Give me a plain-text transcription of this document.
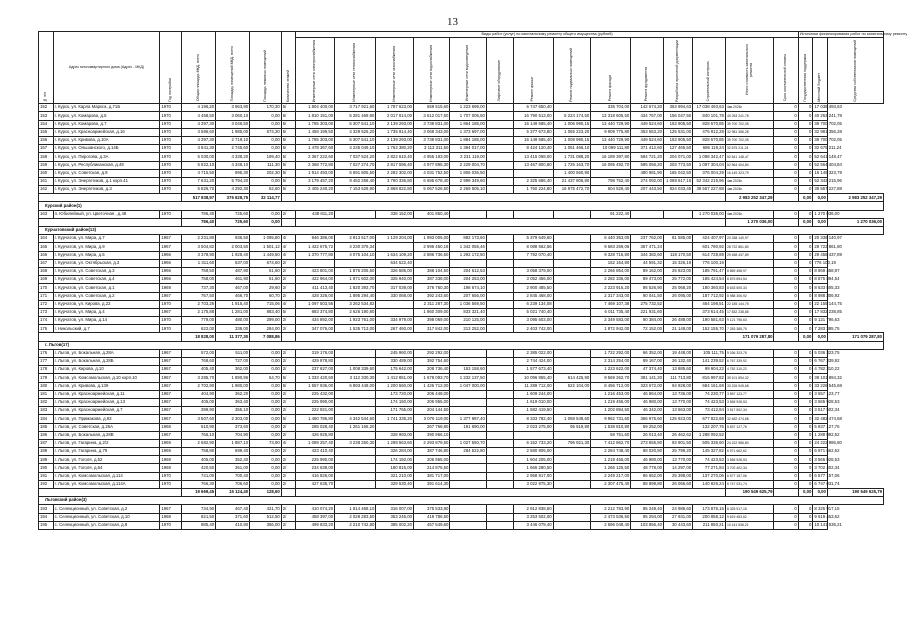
13
№ п/п	Адрес многоквартирного дома (Адрес - МКД)	Год постройки	Общая площадь МКД, всего	Площадь помещений МКД, всего	Площадь нежилых помещений	Количество этажей	Виды работ (услуг) по капитальному ремонту общего имущества (рублей)														Источники финансирования работ по капитальному ремонту		
							Инженерные сети электроснабжения	Инженерные сети теплоснабжения	Инженерные сети газоснабжения	Инженерные сети водоснабжения	Инженерные сети водоотведения	Лифтовое оборудование	Ремонт крыши	Ремонт подвальных помещений	Ремонт фасада	Ремонт фундамента	Разработка проектной документации	Строительный контроль	Итого стоимость капитального ремонта	Срок окончательной оплаты	Государственная поддержка	Местный бюджет	Средства собственников помещений
152	г. Курск, ул. Карла Маркса, д.71Б	1970	4 196,20	3 963,90	170,30	5/	1 804 400,00	3 717 921,60	1 787 623,00	659 515,60	1 223 699,00		6 747 650,40		335 704,00	142 674,20	353 994,63	17 038 493,63	4кв.2026г.	0	0	17 038 493,63	
153	г. Курск, ул. Комарова, д.5	1970	4 458,50	3 060,10	0,00	5/	1 810 151,00	5 281 469,90	2 017 814,00	3 612 017,50	1 707 005,50		16 790 513,00	5 224 174,50	13 318 605,50	434 767,00	156 047,50	840 101,78	40 253 241,78	0	0	40 253 241,78	
154	г. Курск, ул. Комарова, д.7	1970	4 397,30	3 046,50	0,00	5/	1 785 303,00	5 307 541,10	2 139 293,00	3 739 831,00	1 864 185,00		15 149 585,40	1 006 990,15	13 440 729,90	449 524,60	153 905,50	828 570,85	39 700 702,05	0	0	39 700 702,05	
155	г. Курск, ул. Красноармейская, д.16	1970	3 586,60	1 985,00	674,30	5/	1 458 199,50	4 329 526,20	1 735 914,40	3 068 343,00	1 373 697,00		5 377 673,80	1 065 223,20	9 909 775,80	353 553,20	125 531,00	475 912,28	32 981 356,28	0	0	32 981 356,28	
156	г. Курск, ул. Кривова, д.10А	1970	4 397,30	2 719,10	0,00	5/	1 785 303,00	5 307 541,10	2 139 293,00	3 739 831,00	1 884 185,00		15 149 585,40	1 008 990,15	13 440 729,90	449 524,60	153 905,50	828 570,85	39 700 702,05	0	0	39 700 702,05	
157	г. Курск, ул. Ольшанского, д.14Б	1970	3 841,30	2 745,60	0,00	5/	1 478 367,60	4 235 049,10	1 762 380,20	3 113 311,50	1 394 017,00		8 424 120,40	1 051 466,10	10 099 111,80	371 412,60	127 465,50	686 119,24	32 675 211,24	0	0	32 675 211,24	
158	г. Курск, ул. Пирогова, д.3А	1970	5 030,00	4 338,20	199,40	5/	2 367 222,60	7 037 524,20	2 822 610,40	4 955 183,00	2 231 119,00		13 415 068,00	1 731 088,20	16 189 397,80	594 721,20	204 071,00	1 098 342,47	52 641 148,47	0	0	52 641 148,47	
159	г. Курск, ул. Республиканская, д.48	1970	5 822,10	4 348,10	111,30	5/	2 368 772,80	7 027 274,70	2 817 596,40	4 977 895,30	2 229 004,70		13 467 800,80	1 725 163,70	16 095 492,70	595 056,20	203 773,50	1 097 304,04	52 564 404,84	0	0	52 564 404,84	
160	г. Курск, ул. Советская, д.9	1970	4 715,50	995,30	202,30	5/	1 914 493,00	5 691 805,50	2 282 302,00	4 031 752,50	1 806 036,50			1 400 560,90		480 981,90	165 042,50	376 004,29	16 149 323,79	0	0	16 149 323,79	
161	г. Курск, ул. Энергетиков, д.1 корп.41	1970	7 631,20	5 794,20	0,00	5/	3 179 457,20	9 452 258,40	3 790 336,80	6 695 678,40	2 999 349,60		2 325 686,40	21 437 806,80	798 752,40	274 092,00	1 088 617,16	52 342 215,96	4кв.2026г.	0	0	52 342 215,96	
162	г. Курск, ул. Энергетиков, д.3	1970	5 826,70	4 292,30	52,60	5/	2 405 240,20	7 153 528,90	2 868 822,80	5 067 526,50	2 269 505,10		1 760 224,80	16 975 472,70	604 529,40	207 443,50	824 033,45	39 557 227,88	4кв.2026г.	0	0	39 557 227,88	
			517 838,97	376 628,75	32 114,77														2 983 252 347,29		0,00	0,00	2 983 252 347,29
Курский район(1)																							
163	п. Юбилейный, ул. Цветочная , д.48	1970	786,40	725,60	0,00	2/	438 811,20		338 152,00	401 850,40					91 222,40			1 270 036,00	4кв.2026г.	0	0	1 270 036,00	
			786,40	725,60	0,00														1 270 036,00		0,00	0,00	1 270 036,00
Курчатовский район(13)																							
164	г. Курчатов, ул. Мира, д.7	1967	2 231,80	936,50	1 095,80	4/	946 386,00	2 813 517,00	1 129 204,00	1 993 005,00	892 173,60		5 379 649,60		6 440 353,00	237 762,00	81 585,00	424 407,97	20 338 140,97	0	0	20 338 140,97	
165	г. Курчатов, ул. Мира, д.9	1967	3 504,82	2 003,50	1 501,12	4/	1 422 675,72	4 230 379,34		2 996 450,18	1 342 055,46		8 088 562,56		9 683 269,06	357 471,24		601 780,92	28 722 861,80	0	0	28 722 861,80	
166	г. Курчатов, ул. Мира, д.5	1966	3 378,90	1 928,40	1 449,50	4/	1 370 777,80	4 075 104,10	1 634 109,20	2 886 736,50	1 292 172,50		7 792 070,40		9 328 716,80	344 382,60	118 170,50	614 728,89	29 458 437,89	0	0	29 458 437,89	
167	г. Курчатов, ул. Октябрьская, д.3	1966	1 311,60	637,00	674,60	2/			634 522,40						152 154,80	44 591,32	15 326,19	776 100,19		0	0	776 100,19	
168	г. Курчатов, ул. Советская, д.3	1966	759,50	487,90	61,60	2/	423 801,00	1 875 205,50	326 585,00	388 104,50	204 612,53		3 058 379,00		2 266 854,00	89 162,00	25 823,00	185 791,47	8 869 458,97	0	0	8 869 458,97	
169	г. Курчатов, ул. Советская, д.4	1966	758,00	461,90	61,60	2/	422 964,00	1 871 502,00	325 940,00	387 338,00	204 253,00		3 052 456,00		2 282 336,00	89 473,00	25 772,00	185 424,54	8 875 894,54	0	0	8 875 894,54	
170	г. Курчатов, ул. Советская, д.1	1969	737,30	467,00	29,60	2/	411 413,40	1 820 393,70	317 039,00	376 760,30	198 674,10		2 900 485,50		2 223 916,20	86 526,90	25 068,20	180 360,83	8 633 505,33	0	0	8 633 505,33	
171	г. Курчатов, ул. Советская, д.2	1967	767,50	466,70	60,70	2/	428 326,00	1 895 294,40	330 068,00	392 243,60	207 656,00		2 845 468,00		2 317 343,00	90 041,50	26 095,00	187 712,92	8 988 306,92	0	0	8 988 306,92	
172	г. Курчатов, ул. Кирова, д.22	1970	2 703,26	1 915,40	715,06	4/	1 097 503,56	3 262 534,82		2 311 287,30	1 036 569,50		6 239 134,08		7 469 107,38	275 732,52		464 198,51	22 155 144,75	0	0	22 155 144,75	
173	г. Курчатов, ул. Мира, д.4	1967	2 175,88	1 281,00	883,40	5/	883 374,80	2 626 190,80		1 860 309,00	833 321,40		5 021 740,40		6 011 735,40	221 931,60		373 614,45	17 832 238,85	0	0	17 832 238,85	
174	г. Курчатов, ул. Мира, д.14	1970	779,00	480,00	299,00	2/	434 892,00	1 923 761,00	334 979,00	398 069,00	210 125,00		3 095 603,00		2 349 583,00	90 384,00	26 488,00	190 581,63	9 121 796,63	0	0	9 121 796,63	
175	г. Никольский, д.7	1970	622,00	338,00	284,00	2/	347 076,00	1 535 713,00	267 460,00	317 842,00	213 252,00		2 403 742,00		1 872 942,00	72 152,00	21 148,00	152 155,70	7 283 385,75	0	0	7 283 385,75	
			18 828,00	11 377,30	7 088,86														171 079 287,80		0,00	0,00	171 079 287,80
г. Льгов(17)																							
176	г. Льгов, ул. Бокальная, д.28А	1967	572,00	511,00	0,00	2/	319 176,00		245 960,00	292 292,00			2 385 022,00		1 722 292,00	66 352,00	19 448,00	105 111,75	5 036 323,75	0	0	5 036 323,75	
177	г. Льгов, ул. Бокальная, д.28Б	1967	768,60	727,00	0,00	2/	429 878,80		330 489,00	392 754,60			2 744 424,00		2 314 254,00	89 167,00	26 132,40	141 239,52	6 767 339,92	0	0	6 767 339,92	
178	г. Льгов, ул. Кирова, д.10	1967	405,40	362,00	0,00	2/	237 627,00	1 008 339,60	175 642,00	208 736,40	153 158,60		1 577 673,40		1 223 622,00	47 374,40	13 885,60	99 904,22	4 782 310,22	0	0	4 782 310,22	
179	г. Льгов, ул. Комсомольская, д.10 корп.10	1967	3 285,70	1 890,96	54,70	5/	1 333 420,60	3 112 330,30	1 412 851,00	1 678 093,70	1 232 137,50		10 096 955,40	614 425,90	9 569 262,70	381 141,20	111 713,80	816 997,82	39 101 894,32	0	0	39 101 894,32	
180	г. Льгов, ул. Кривова, д.139	1967	2 702,90	1 980,00	0,00	5/	1 557 936,00	6 893 448,00	1 200 560,00	1 426 712,00	1 047 000,00		11 289 712,00	522 104,00	8 456 712,00	323 672,00	94 928,00	684 161,68	33 226 545,68	0	0	33 226 545,68	
181	г. Льгов, ул. Красноармейская, д.11	1967	404,90	362,20	0,00	2/	225 432,00		173 720,00	206 448,00			1 609 244,00		1 216 453,00	46 864,00	13 736,00	74 230,77	3 557 123,77	0	0	3 557 123,77	
182	г. Льгов, ул. Красноармейская, д.13	1967	405,00	363,40	0,00	2/	225 990,00		174 150,00	206 955,00			1 619 010,00		1 219 455,00	46 980,00	13 770,00	74 423,53	3 565 928,53	0	0	3 565 928,53	
183	г. Льгов, ул. Красноармейская, д.7	1967	399,90	355,10	0,00	2/	222 921,00		171 765,00	204 144,50			1 582 419,50		1 202 894,50	46 342,00	13 563,00	73 412,84	3 517 502,34	0	0	3 517 502,34	
184	г. Льгов, ул. Примакова, д.93	1967	3 507,60	2 303,00	0,00	5/	1 460 786,80	4 342 544,60	1 741 335,20	3 076 119,00	1 377 987,40		8 333 782,40	1 068 549,60	9 962 731,60	366 975,60	125 923,00	677 822,68	32 482 474,68	0	0	32 482 474,68	
185	г. Льгов, ул. Советская, д.26А	1968	510,90	373,60	0,00	2/	285 028,40	1 261 165,20		267 768,80	191 690,00		2 023 275,00	95 519,80	1 538 810,80	59 252,00		132 207,76	5 837 127,76	0	0	5 837 127,76	
186	г. Льгов, ул. Бокальная, д.28В	1967	765,10	704,90	0,00	2/	426 925,80		328 993,00	390 966,10					58 751,60	26 013,40	26 462,62	1 288 092,52		0	0	1 288 092,52	
187	г. Льгов, ул. Гагарина, д.2/2	1969	2 682,90	1 887,10	73,90	4/	1 089 257,40	3 238 260,30	1 298 563,60	2 293 879,50	1 027 550,70		6 152 733,20	796 921,30	7 412 862,70	273 655,80	93 901,50	505 335,60	24 222 986,80	0	0	24 222 986,80	
188	г. Льгов, ул. Гагарина, д.79	1969	758,80	699,40	0,00	2/	423 410,40		326 284,00	387 746,80	284 522,80		2 580 805,00		2 284 748,40	88 020,80	25 799,20	145 327,82	6 971 662,62	0	0	6 971 662,62	
189	г. Льгов, ул. Гоголя, д.52	1969	405,00	352,40	0,00	2/	225 990,00		174 150,00	206 955,00			1 604 205,00		1 219 455,00	46 980,00	13 770,00	74 423,53	3 565 928,53	0	0	3 565 928,53	
190	г. Льгов, ул. Гоголя, д.64	1969	420,50	361,00	0,00	2/	234 639,00		180 815,00	214 875,50			1 666 280,50		1 266 125,50	48 778,00	14 297,00	77 271,84	3 702 402,34	0	0	3 702 402,34	
191	г. Льгов, ул. Комсомольская, д.114	1970	741,00	700,40	0,00	2/	416 826,00		321 210,00	381 717,00			2 958 917,00		2 249 217,00	86 652,00	25 398,00	137 270,06	6 577 157,06	0	0	6 577 157,06	
192	г. Льгов, ул. Комсомольская, д.114А	1970	766,30	706,60	0,00	2/	427 635,70		329 530,40	391 614,30			3 022 875,30		2 307 475,40	88 899,80	26 056,60	140 826,24	6 747 031,74	0	0	6 747 031,74	
			19 669,45	15 124,40	128,60														190 549 625,79		0,00	0,00	190 549 625,79
Льговский район(3)																							
193	с. Селекционный, ул. Советская, д.2	1967	734,90	467,40	421,70	2/	410 074,20	1 814 468,10	316 007,00	375 533,90			2 912 838,60		2 212 783,90	85 249,40	24 986,60	173 876,15	8 325 917,15	0	0	8 325 917,15	
194	с. Селекционный, ул. Советская, д.10	1968	821,50	371,60	512,50	2/	458 397,00	2 028 283,50	353 245,00	419 786,50			3 253 502,00		2 473 536,50	95 294,00	27 931,00	200 858,12	9 619 453,62	0	0	9 619 453,62	
195	с. Селекционный, ул. Советская, д.8	1970	885,40	410,80	356,00	2/	499 833,20	2 210 742,80	385 002,20	457 549,60			3 446 079,40		2 696 048,40	103 856,40	30 443,60	211 850,21	10 141 536,21	0	0	10 141 536,21	
